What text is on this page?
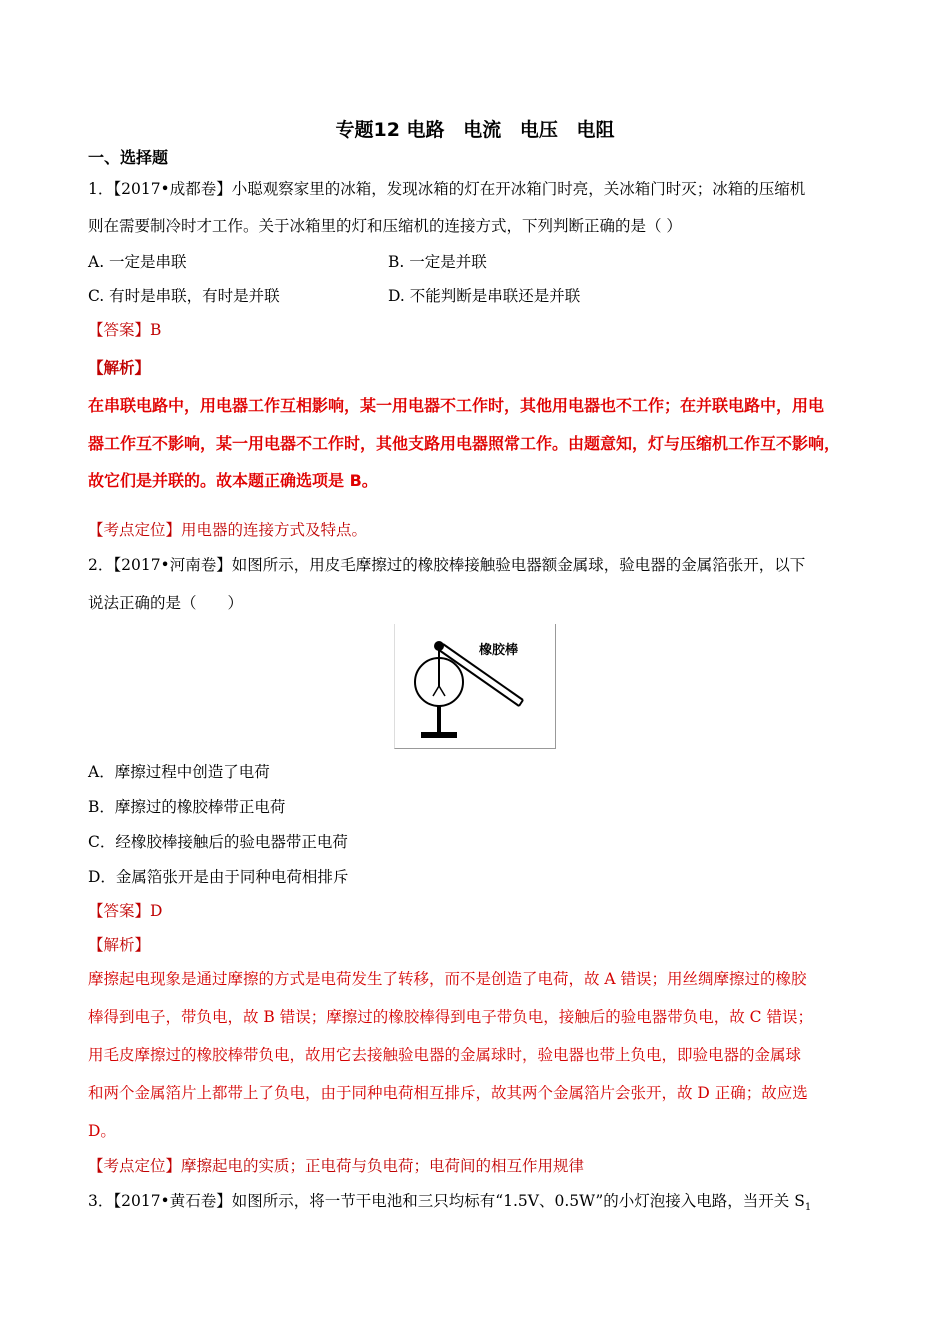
专题12 电路 电流 电压 电阻
一、选择题
1．【2017•成都卷】小聪观察家里的冰箱，发现冰箱的灯在开冰箱门时亮，关冰箱门时灭；冰箱的压缩机
则在需要制冷时才工作。关于冰箱里的灯和压缩机的连接方式，下列判断正确的是（ ）
A. 一定是串联	B. 一定是并联
C. 有时是串联，有时是并联	D. 不能判断是串联还是并联
【答案】B
【解析】
在串联电路中，用电器工作互相影响，某一用电器不工作时，其他用电器也不工作；在并联电路中，用电
器工作互不影响，某一用电器不工作时，其他支路用电器照常工作。由题意知，灯与压缩机工作互不影响，
故它们是并联的。故本题正确选项是 B。
【考点定位】用电器的连接方式及特点。
2．【2017•河南卷】如图所示，用皮毛摩擦过的橡胶棒接触验电器额金属球，验电器的金属箔张开，以下
说法正确的是（　　）
橡胶棒
A．摩擦过程中创造了电荷
B．摩擦过的橡胶棒带正电荷
C．经橡胶棒接触后的验电器带正电荷
D．金属箔张开是由于同种电荷相排斥
【答案】D
【解析】
摩擦起电现象是通过摩擦的方式是电荷发生了转移，而不是创造了电荷，故 A 错误；用丝绸摩擦过的橡胶
棒得到电子，带负电，故 B 错误；摩擦过的橡胶棒得到电子带负电，接触后的验电器带负电，故 C 错误；
用毛皮摩擦过的橡胶棒带负电，故用它去接触验电器的金属球时，验电器也带上负电，即验电器的金属球
和两个金属箔片上都带上了负电，由于同种电荷相互排斥，故其两个金属箔片会张开，故 D 正确；故应选
D。
【考点定位】摩擦起电的实质；正电荷与负电荷；电荷间的相互作用规律
3．【2017•黄石卷】如图所示，将一节干电池和三只均标有“1.5V、0.5W”的小灯泡接入电路，当开关 $S_1$
